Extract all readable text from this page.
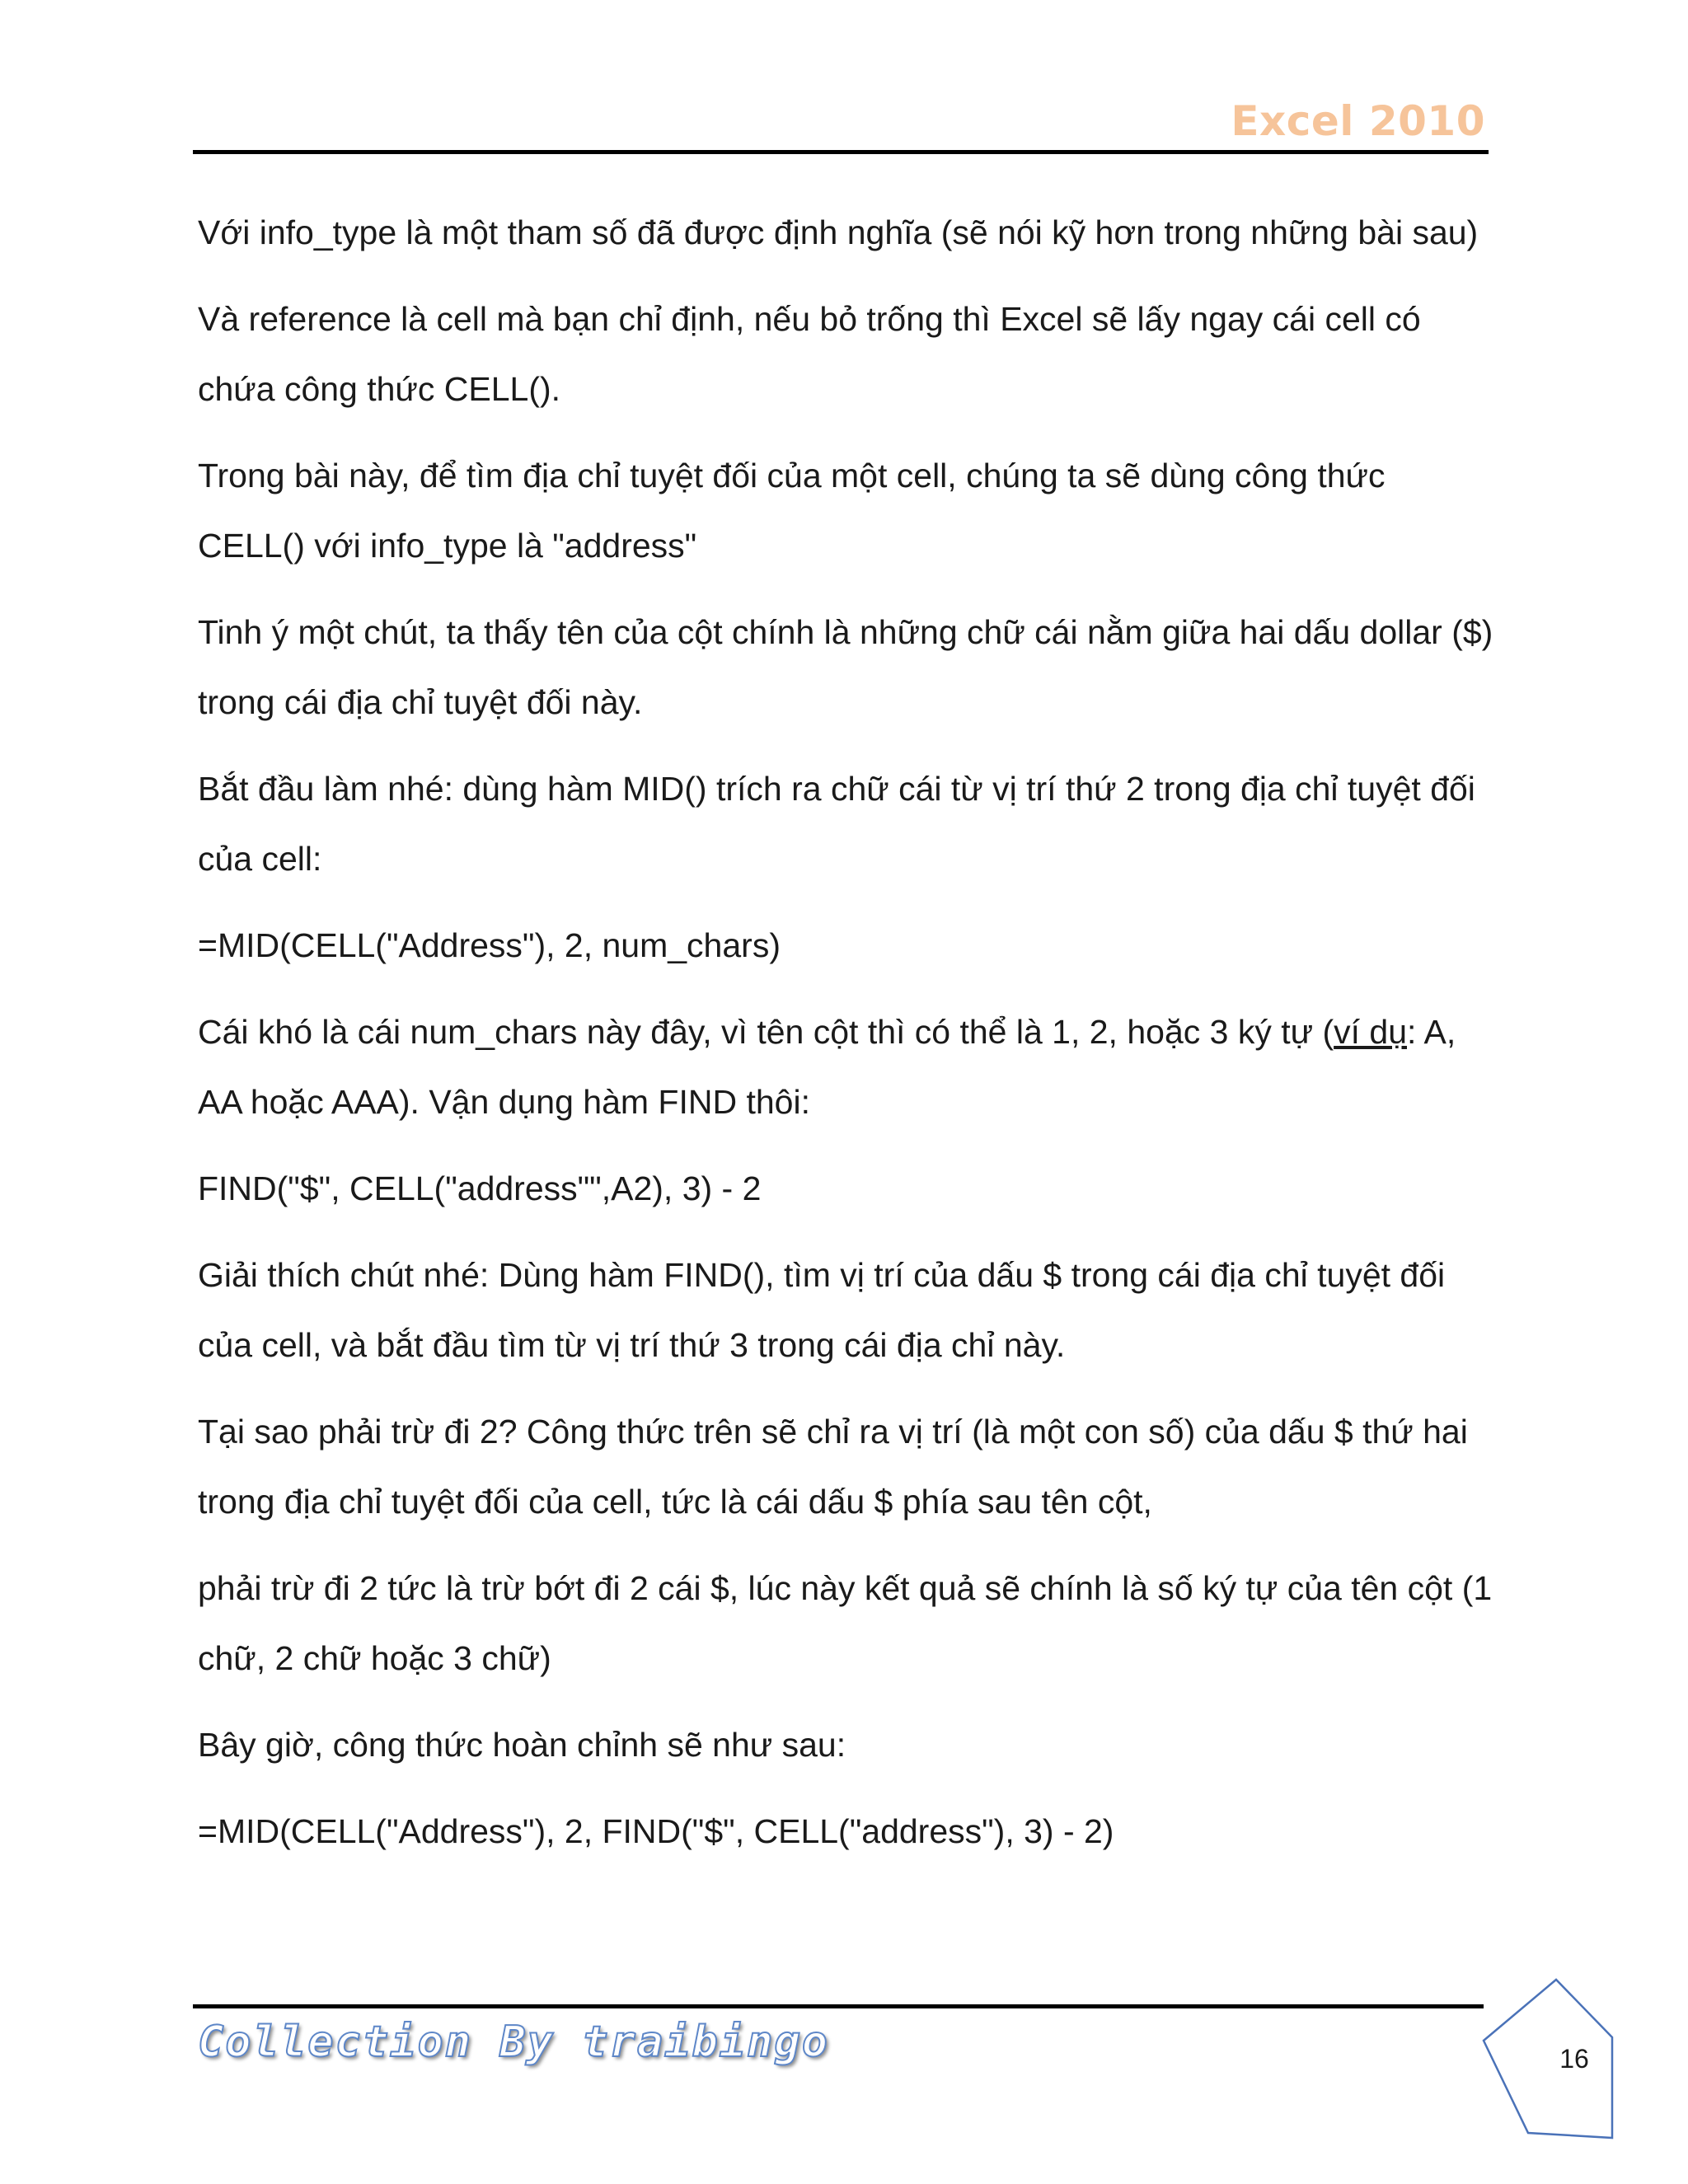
Excel 2010

Với info_type là một tham số đã được định nghĩa (sẽ nói kỹ hơn trong những bài sau)

Và reference là cell mà bạn chỉ định, nếu bỏ trống thì Excel sẽ lấy ngay cái cell có chứa công thức CELL().

Trong bài này, để tìm địa chỉ tuyệt đối của một cell, chúng ta sẽ dùng công thức CELL() với info_type là "address"

Tinh ý một chút, ta thấy tên của cột chính là những chữ cái nằm giữa hai dấu dollar ($) trong cái địa chỉ tuyệt đối này.

Bắt đầu làm nhé: dùng hàm MID() trích ra chữ cái từ vị trí thứ 2 trong địa chỉ tuyệt đối của cell:

=MID(CELL("Address"), 2, num_chars)

Cái khó là cái num_chars này đây, vì tên cột thì có thể là 1, 2, hoặc 3 ký tự (ví dụ: A, AA hoặc AAA). Vận dụng hàm FIND thôi:

FIND("$", CELL("address"",A2), 3) - 2

Giải thích chút nhé: Dùng hàm FIND(), tìm vị trí của dấu $ trong cái địa chỉ tuyệt đối của cell, và bắt đầu tìm từ vị trí thứ 3 trong cái địa chỉ này.

Tại sao phải trừ đi 2? Công thức trên sẽ chỉ ra vị trí (là một con số) của dấu $ thứ hai trong địa chỉ tuyệt đối của cell, tức là cái dấu $ phía sau tên cột,

phải trừ đi 2 tức là trừ bớt đi 2 cái $, lúc này kết quả sẽ chính là số ký tự của tên cột (1 chữ, 2 chữ hoặc 3 chữ)

Bây giờ, công thức hoàn chỉnh sẽ như sau:

=MID(CELL("Address"), 2, FIND("$", CELL("address"), 3) - 2)

Collection By traibingo	16
